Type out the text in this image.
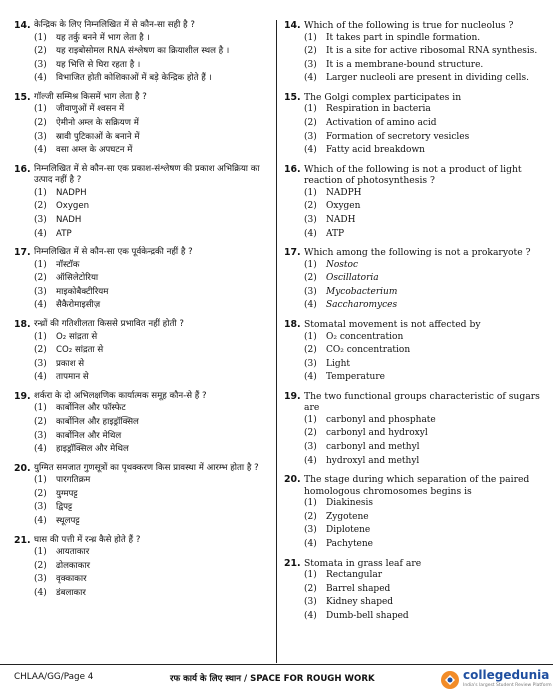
14. केन्द्रिक के लिए निम्नलिखित में से कौन-सा सही है ?
(1)	यह तर्कु बनने में भाग लेता है ।
(2)	यह राइबोसोमल RNA संश्लेषण का क्रियाशील स्थल है ।
(3)	यह भित्ति से घिरा रहता है ।
(4)	विभाजित होती कोशिकाओं में बड़े केन्द्रिक होते हैं ।
15. गॉल्जी सम्मिश्र किसमें भाग लेता है ?
(1)	जीवाणुओं में श्वसन में
(2)	ऐमीनो अम्ल के सक्रियण में
(3)	स्रावी पुटिकाओं के बनाने में
(4)	वसा अम्ल के अपघटन में
16. निम्नलिखित में से कौन-सा एक प्रकाश-संश्लेषण की प्रकाश अभिक्रिया का उत्पाद नहीं है ?
(1)	NADPH
(2)	Oxygen
(3)	NADH
(4)	ATP
17. निम्नलिखित में से कौन-सा एक पूर्वकेन्द्रकी नहीं है ?
(1)	नॉस्टॉक
(2)	ऑसिलेटोरिया
(3)	माइकोबैक्टीरियम
(4)	सैकैरोमाइसीज़
18. रन्ध्रों की गतिशीलता किससे प्रभावित नहीं होती ?
(1)	O₂ सांद्रता से
(2)	CO₂ सांद्रता से
(3)	प्रकाश से
(4)	तापमान से
19. शर्करा के दो अभिलक्षणिक कार्यात्मक समूह कौन-से हैं ?
(1)	कार्बोनिल और फॉस्फेट
(2)	कार्बोनिल और हाइड्रॉक्सिल
(3)	कार्बोनिल और मेथिल
(4)	हाइड्रॉक्सिल और मेथिल
20. युग्मित समजात गुणसूत्रों का पृथक्करण किस प्रावस्था में आरम्भ होता है ?
(1)	पारगतिक्रम
(2)	युग्मपट्ट
(3)	द्विपट्ट
(4)	स्थूलपट्ट
21. घास की पत्ती में रन्ध्र कैसे होते हैं ?
(1)	आयताकार
(2)	ढोलकाकार
(3)	वृक्काकार
(4)	डंबलाकार
14. Which of the following is true for nucleolus ?
(1)	It takes part in spindle formation.
(2)	It is a site for active ribosomal RNA synthesis.
(3)	It is a membrane-bound structure.
(4)	Larger nucleoli are present in dividing cells.
15. The Golgi complex participates in
(1)	Respiration in bacteria
(2)	Activation of amino acid
(3)	Formation of secretory vesicles
(4)	Fatty acid breakdown
16. Which of the following is not a product of light reaction of photosynthesis ?
(1)	NADPH
(2)	Oxygen
(3)	NADH
(4)	ATP
17. Which among the following is not a prokaryote ?
(1)	Nostoc
(2)	Oscillatoria
(3)	Mycobacterium
(4)	Saccharomyces
18. Stomatal movement is not affected by
(1)	O₂ concentration
(2)	CO₂ concentration
(3)	Light
(4)	Temperature
19. The two functional groups characteristic of sugars are
(1)	carbonyl and phosphate
(2)	carbonyl and hydroxyl
(3)	carbonyl and methyl
(4)	hydroxyl and methyl
20. The stage during which separation of the paired homologous chromosomes begins is
(1)	Diakinesis
(2)	Zygotene
(3)	Diplotene
(4)	Pachytene
21. Stomata in grass leaf are
(1)	Rectangular
(2)	Barrel shaped
(3)	Kidney shaped
(4)	Dumb-bell shaped
CHLAA/GG/Page 4	रफ कार्य के लिए स्थान / SPACE FOR ROUGH WORK	collegedunia
India's largest Student Review Platform
